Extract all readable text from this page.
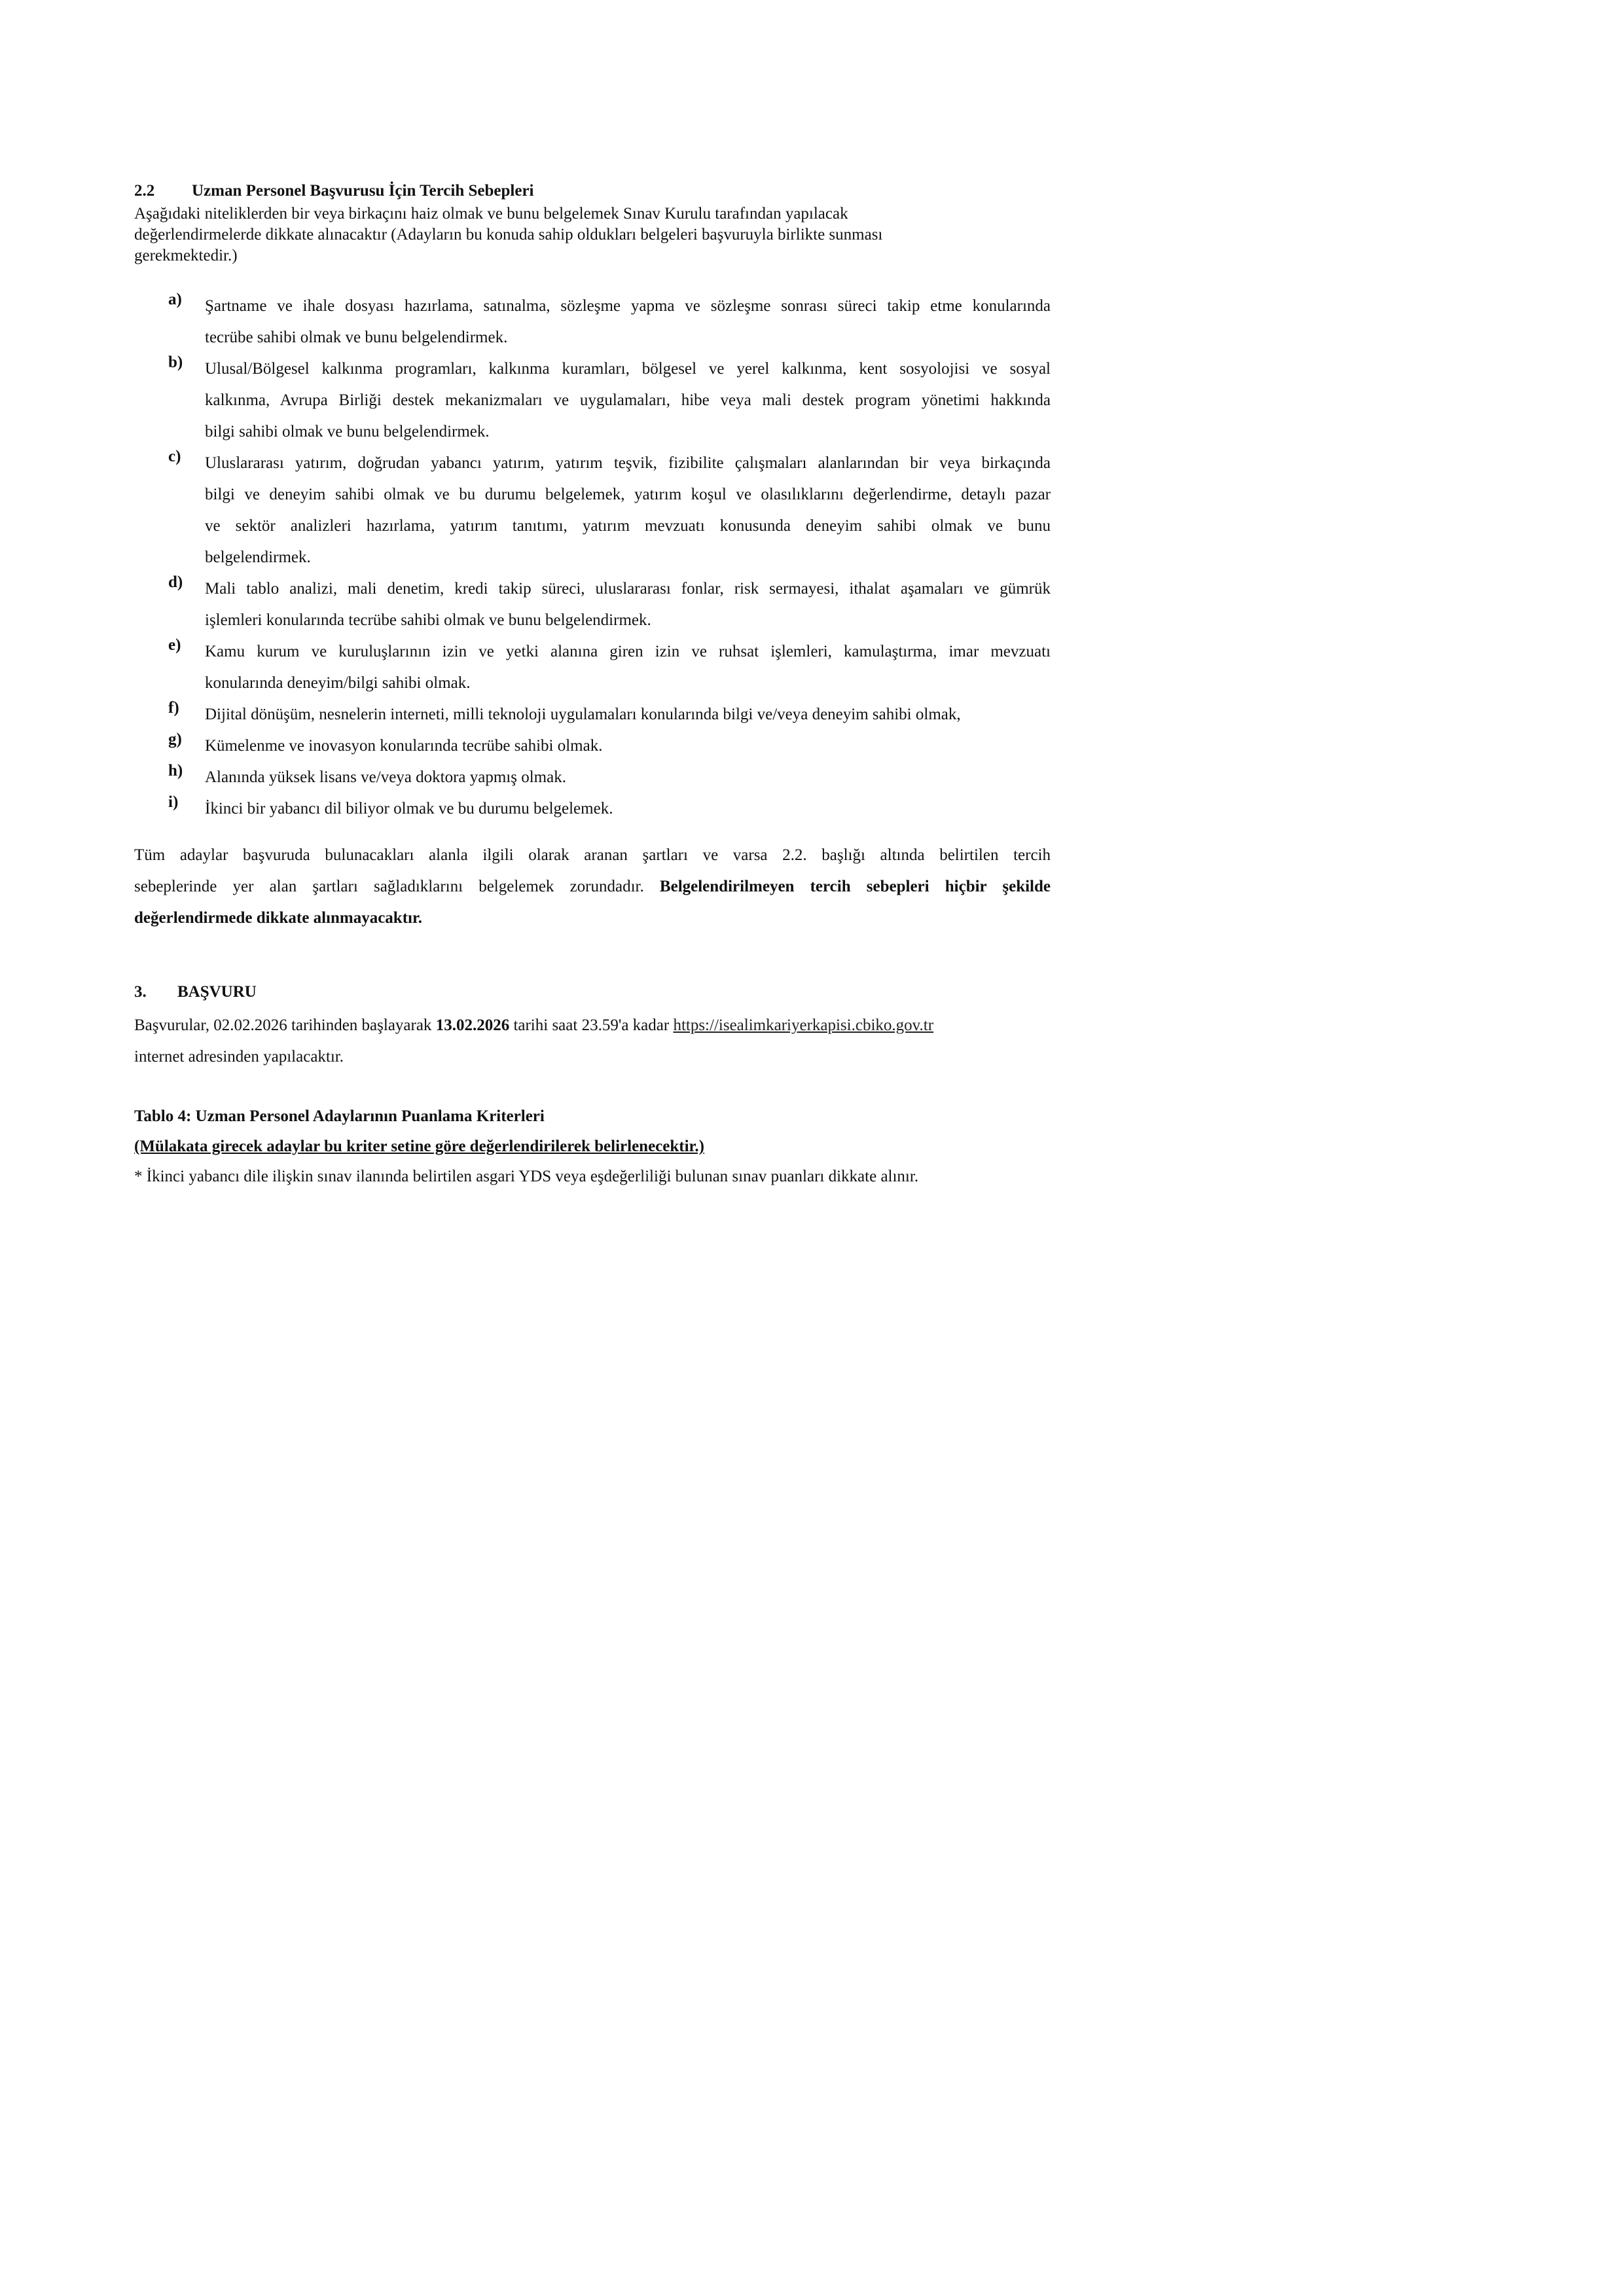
2.2 Uzman Personel Başvurusu İçin Tercih Sebepleri
Aşağıdaki niteliklerden bir veya birkaçını haiz olmak ve bunu belgelemek Sınav Kurulu tarafından yapılacak
değerlendirmelerde dikkate alınacaktır (Adayların bu konuda sahip oldukları belgeleri başvuruyla birlikte sunması
gerekmektedir.)
a) Şartname ve ihale dosyası hazırlama, satınalma, sözleşme yapma ve sözleşme sonrası süreci takip etme konularında
tecrübe sahibi olmak ve bunu belgelendirmek.
b) Ulusal/Bölgesel kalkınma programları, kalkınma kuramları, bölgesel ve yerel kalkınma, kent sosyolojisi ve sosyal
kalkınma, Avrupa Birliği destek mekanizmaları ve uygulamaları, hibe veya mali destek program yönetimi hakkında
bilgi sahibi olmak ve bunu belgelendirmek.
c) Uluslararası yatırım, doğrudan yabancı yatırım, yatırım teşvik, fizibilite çalışmaları alanlarından bir veya birkaçında
bilgi ve deneyim sahibi olmak ve bu durumu belgelemek, yatırım koşul ve olasılıklarını değerlendirme, detaylı pazar
ve sektör analizleri hazırlama, yatırım tanıtımı, yatırım mevzuatı konusunda deneyim sahibi olmak ve bunu
belgelendirmek.
d) Mali tablo analizi, mali denetim, kredi takip süreci, uluslararası fonlar, risk sermayesi, ithalat aşamaları ve gümrük
işlemleri konularında tecrübe sahibi olmak ve bunu belgelendirmek.
e) Kamu kurum ve kuruluşlarının izin ve yetki alanına giren izin ve ruhsat işlemleri, kamulaştırma, imar mevzuatı
konularında deneyim/bilgi sahibi olmak.
f) Dijital dönüşüm, nesnelerin interneti, milli teknoloji uygulamaları konularında bilgi ve/veya deneyim sahibi olmak,
g) Kümelenme ve inovasyon konularında tecrübe sahibi olmak.
h) Alanında yüksek lisans ve/veya doktora yapmış olmak.
i) İkinci bir yabancı dil biliyor olmak ve bu durumu belgelemek.
Tüm adaylar başvuruda bulunacakları alanla ilgili olarak aranan şartları ve varsa 2.2. başlığı altında belirtilen tercih
sebeplerinde yer alan şartları sağladıklarını belgelemek zorundadır. Belgelendirilmeyen tercih sebepleri hiçbir şekilde
değerlendirmede dikkate alınmayacaktır.
3. BAŞVURU
Başvurular, 02.02.2026 tarihinden başlayarak 13.02.2026 tarihi saat 23.59'a kadar https://isealimkariyerkapisi.cbiko.gov.tr
internet adresinden yapılacaktır.
Tablo 4: Uzman Personel Adaylarının Puanlama Kriterleri
(Mülakata girecek adaylar bu kriter setine göre değerlendirilerek belirlenecektir.)
* İkinci yabancı dile ilişkin sınav ilanında belirtilen asgari YDS veya eşdeğerliliği bulunan sınav puanları dikkate alınır.
